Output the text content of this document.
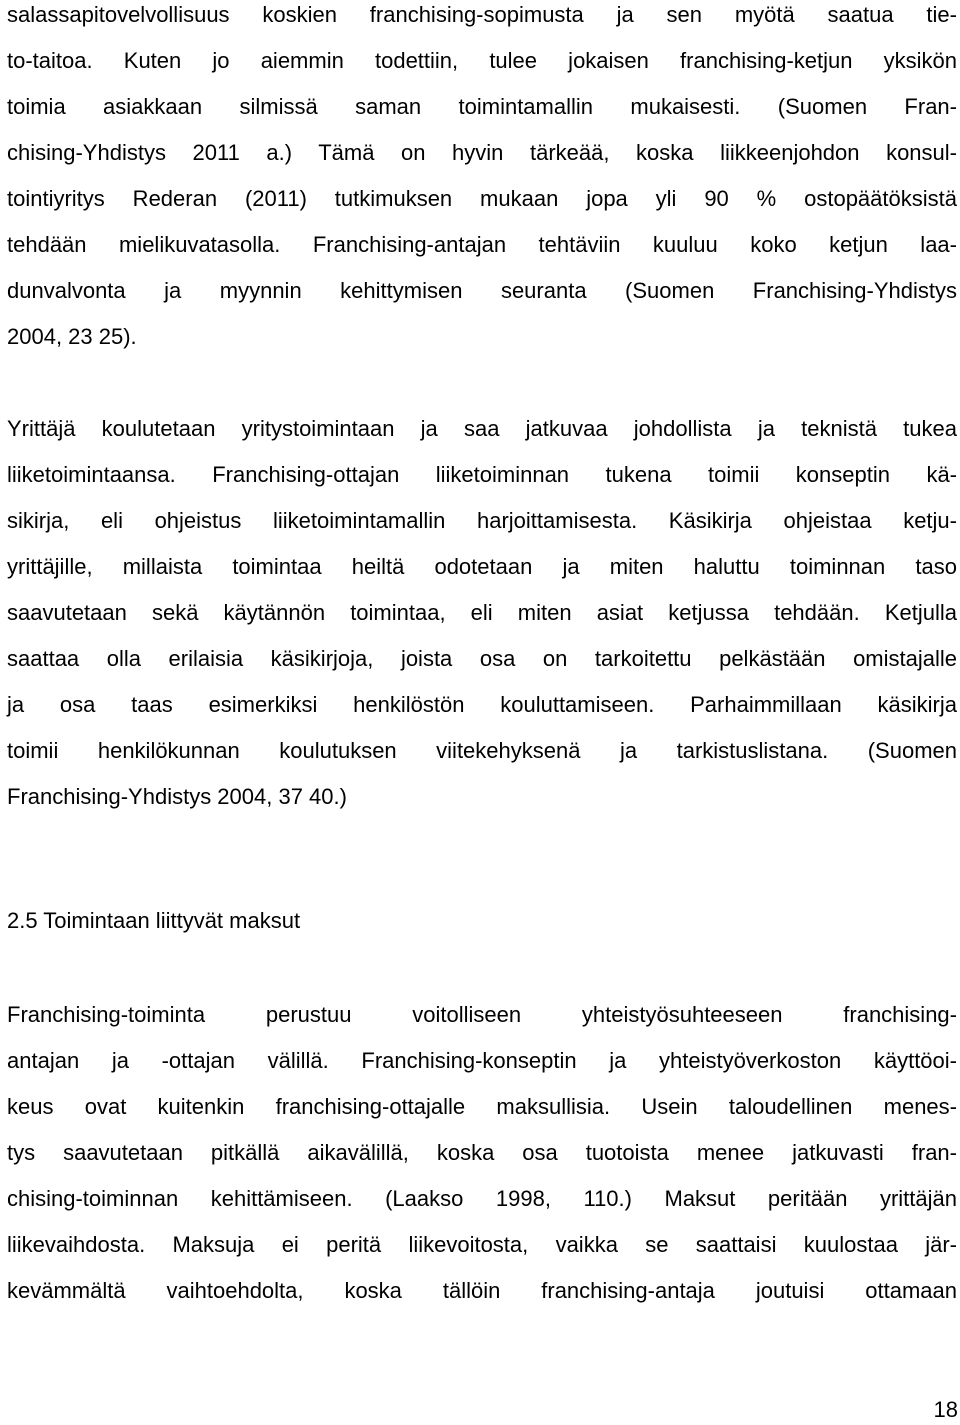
salassapitovelvollisuus koskien franchising-sopimusta ja sen myötä saatua tie-
to-taitoa. Kuten jo aiemmin todettiin, tulee jokaisen franchising-ketjun yksikön
toimia asiakkaan silmissä saman toimintamallin mukaisesti. (Suomen Fran-
chising-Yhdistys 2011 a.) Tämä on hyvin tärkeää, koska liikkeenjohdon konsul-
tointiyritys Rederan (2011) tutkimuksen mukaan jopa yli 90 % ostopäätöksistä
tehdään mielikuvatasolla. Franchising-antajan tehtäviin kuuluu koko ketjun laa-
dunvalvonta ja myynnin kehittymisen seuranta (Suomen Franchising-Yhdistys
2004, 23 25).
Yrittäjä koulutetaan yritystoimintaan ja saa jatkuvaa johdollista ja teknistä tukea
liiketoimintaansa. Franchising-ottajan liiketoiminnan tukena toimii konseptin kä-
sikirja, eli ohjeistus liiketoimintamallin harjoittamisesta. Käsikirja ohjeistaa ketju-
yrittäjille, millaista toimintaa heiltä odotetaan ja miten haluttu toiminnan taso
saavutetaan sekä käytännön toimintaa, eli miten asiat ketjussa tehdään. Ketjulla
saattaa olla erilaisia käsikirjoja, joista osa on tarkoitettu pelkästään omistajalle
ja osa taas esimerkiksi henkilöstön kouluttamiseen. Parhaimmillaan käsikirja
toimii henkilökunnan koulutuksen viitekehyksenä ja tarkistuslistana. (Suomen
Franchising-Yhdistys 2004, 37 40.)
2.5 Toimintaan liittyvät maksut
Franchising-toiminta perustuu voitolliseen yhteistyösuhteeseen franchising-
antajan ja -ottajan välillä. Franchising-konseptin ja yhteistyöverkoston käyttöoi-
keus ovat kuitenkin franchising-ottajalle maksullisia. Usein taloudellinen menes-
tys saavutetaan pitkällä aikavälillä, koska osa tuotoista menee jatkuvasti fran-
chising-toiminnan kehittämiseen. (Laakso 1998, 110.) Maksut peritään yrittäjän
liikevaihdosta. Maksuja ei peritä liikevoitosta, vaikka se saattaisi kuulostaa jär-
kevämmältä vaihtoehdolta, koska tällöin franchising-antaja joutuisi ottamaan
18
